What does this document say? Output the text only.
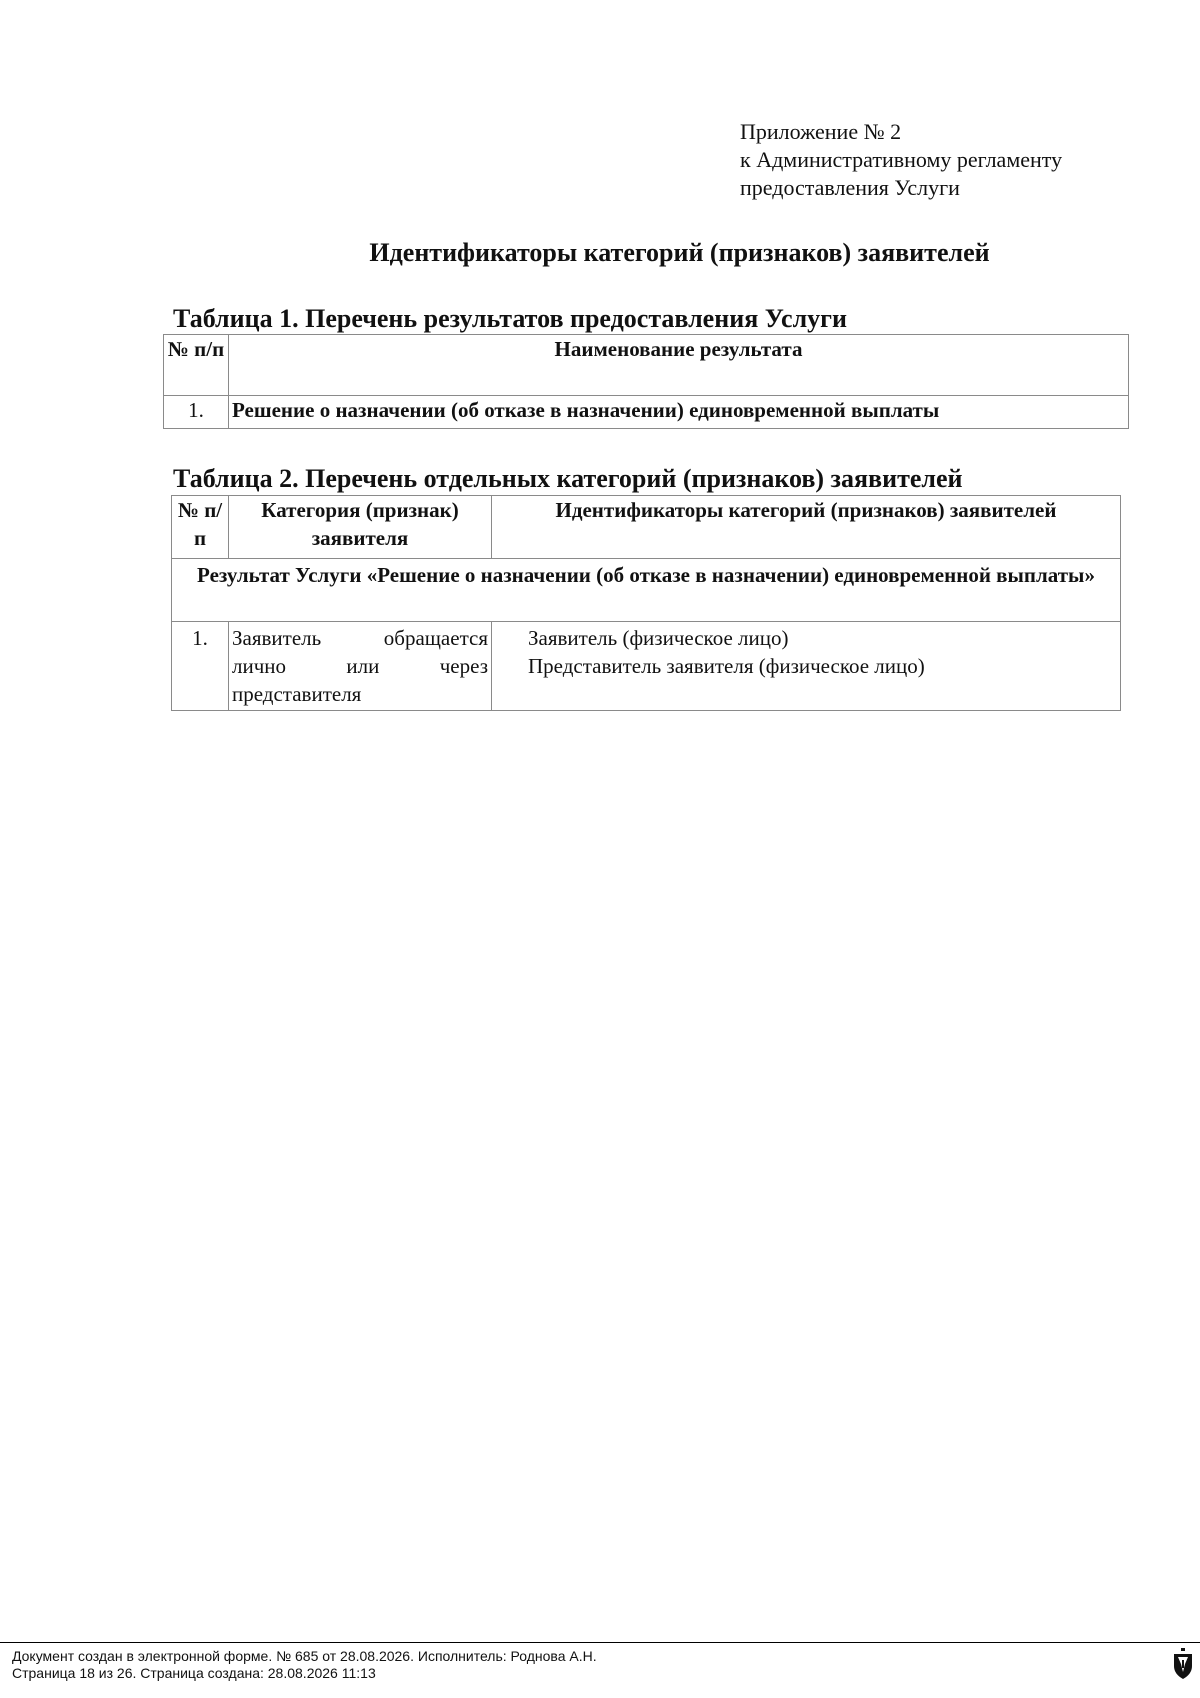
Приложение № 2
к Административному регламенту
предоставления Услуги
Идентификаторы категорий (признаков) заявителей
Таблица 1. Перечень результатов предоставления Услуги
№ п/п	Наименование результата
1.	Решение о назначении (об отказе в назначении) единовременной выплаты
Таблица 2. Перечень отдельных категорий (признаков) заявителей
№ п/п	Категория (признак) заявителя	Идентификаторы категорий (признаков) заявителей
Результат Услуги «Решение о назначении (об отказе в назначении) единовременной выплаты»		
1.	Заявитель обращается лично или через представителя	Заявитель (физическое лицо)
Представитель заявителя (физическое лицо)
Документ создан в электронной форме. № 685 от 28.08.2026. Исполнитель: Роднова А.Н.
Страница 18 из 26. Страница создана: 28.08.2026 11:13
